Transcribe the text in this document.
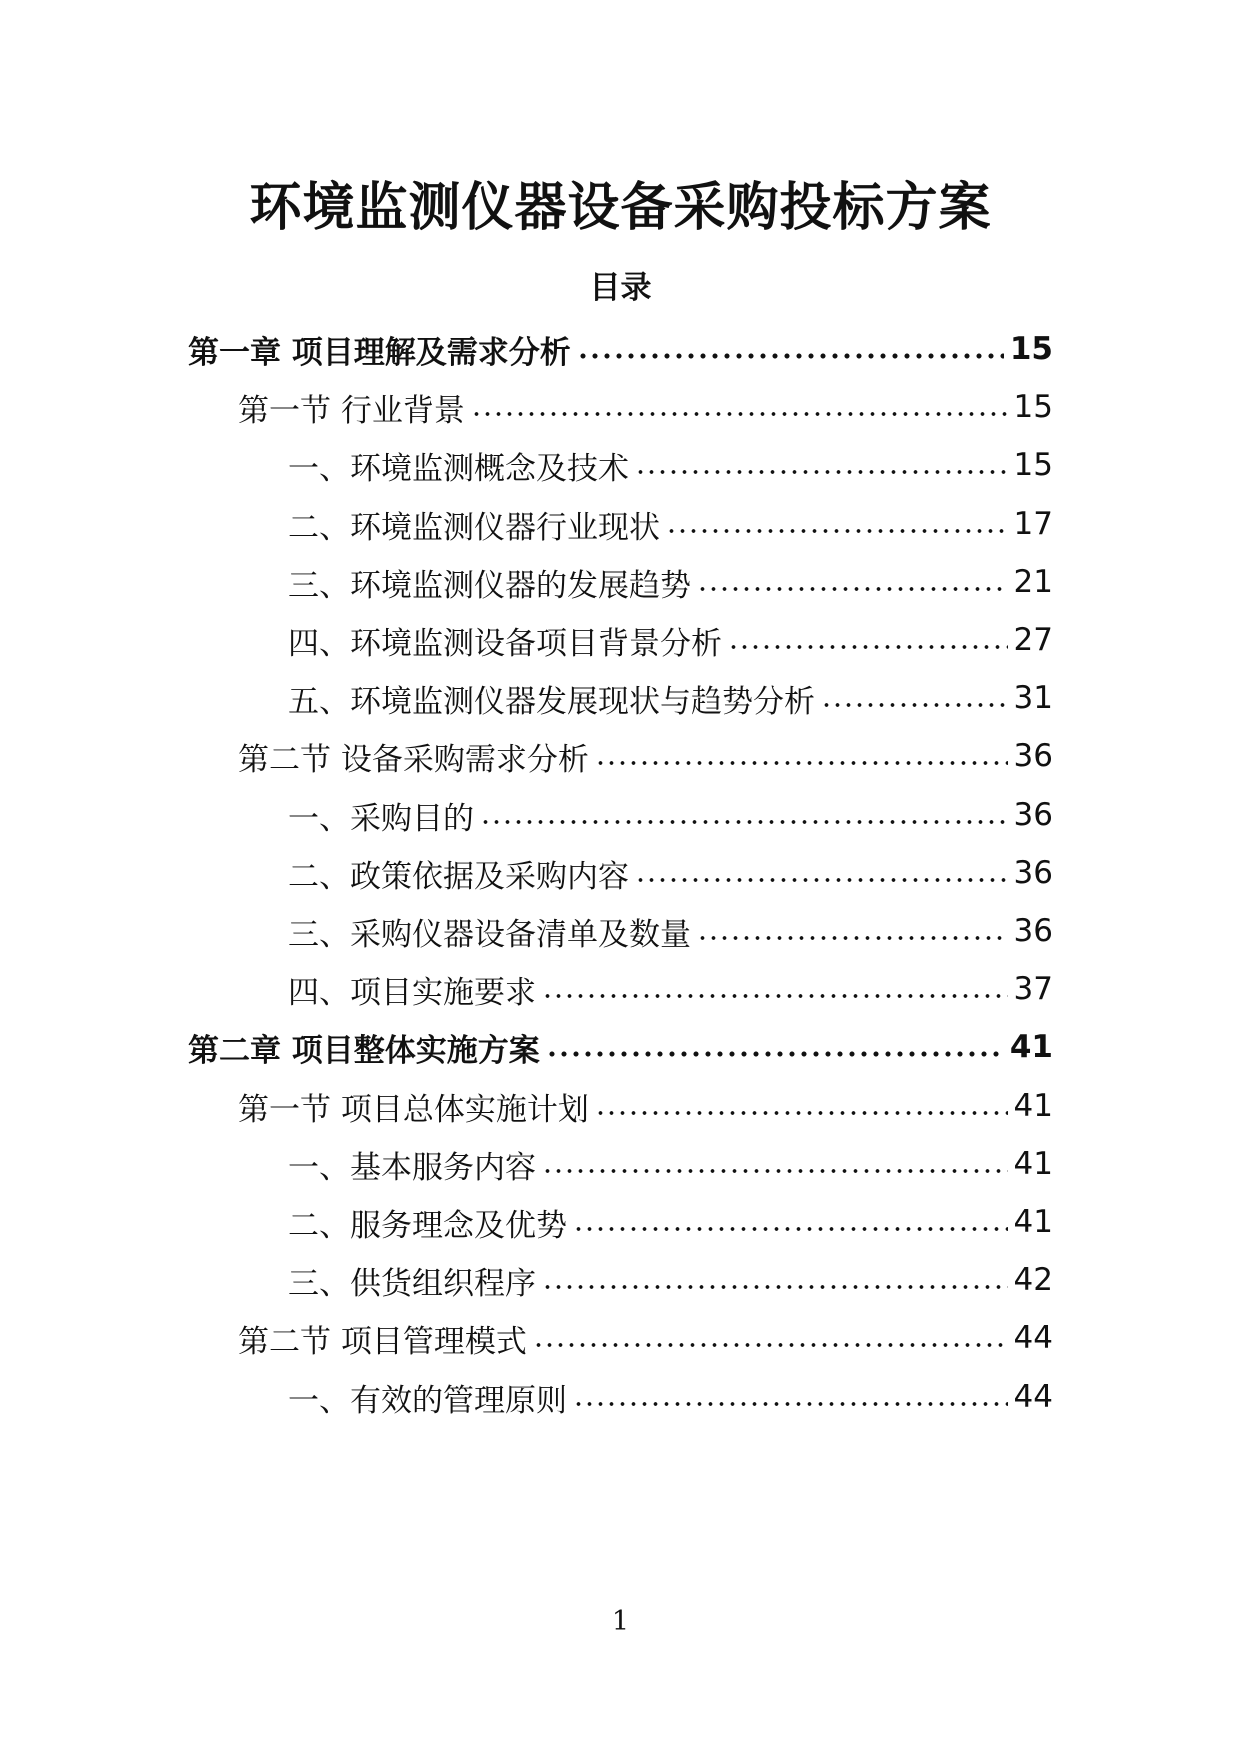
环境监测仪器设备采购投标方案
目录
第一章 项目理解及需求分析	15
第一节 行业背景	15
一、环境监测概念及技术	15
二、环境监测仪器行业现状	17
三、环境监测仪器的发展趋势	21
四、环境监测设备项目背景分析	27
五、环境监测仪器发展现状与趋势分析	31
第二节 设备采购需求分析	36
一、采购目的	36
二、政策依据及采购内容	36
三、采购仪器设备清单及数量	36
四、项目实施要求	37
第二章 项目整体实施方案	41
第一节 项目总体实施计划	41
一、基本服务内容	41
二、服务理念及优势	41
三、供货组织程序	42
第二节 项目管理模式	44
一、有效的管理原则	44
1
